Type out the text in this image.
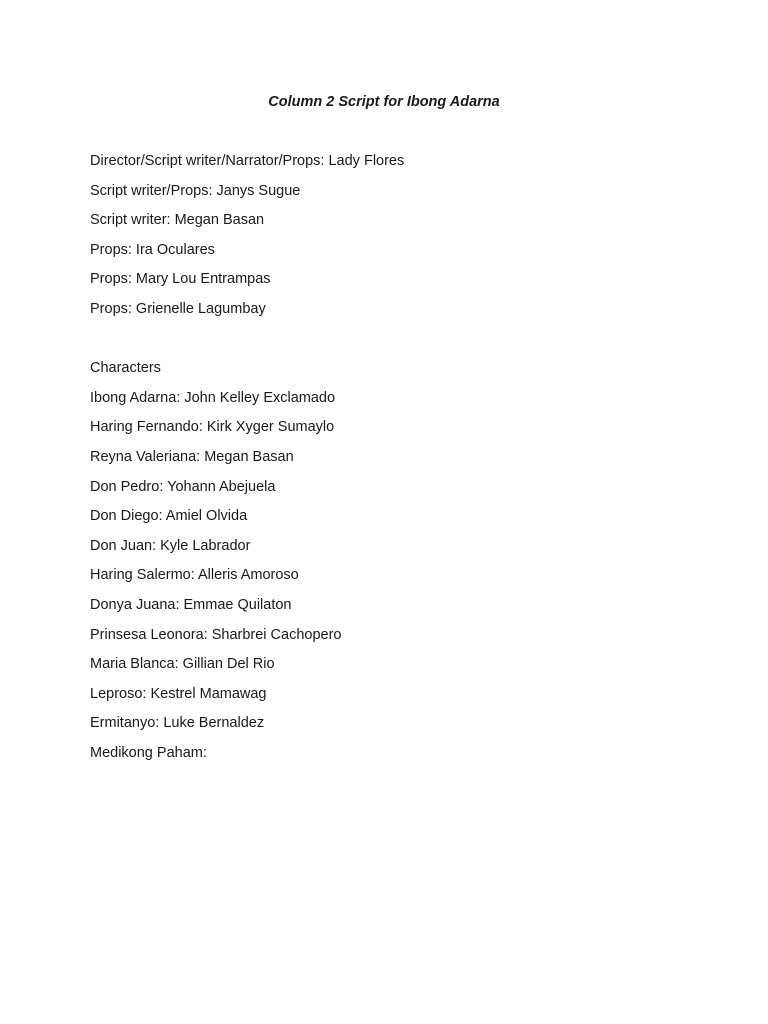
Column 2 Script for Ibong Adarna
Director/Script writer/Narrator/Props: Lady Flores
Script writer/Props: Janys Sugue
Script writer: Megan Basan
Props: Ira Oculares
Props: Mary Lou Entrampas
Props: Grienelle Lagumbay
Characters
Ibong Adarna: John Kelley Exclamado
Haring Fernando: Kirk Xyger Sumaylo
Reyna Valeriana: Megan Basan
Don Pedro: Yohann Abejuela
Don Diego: Amiel Olvida
Don Juan: Kyle Labrador
Haring Salermo: Alleris Amoroso
Donya Juana: Emmae Quilaton
Prinsesa Leonora: Sharbrei Cachopero
Maria Blanca: Gillian Del Rio
Leproso: Kestrel Mamawag
Ermitanyo: Luke Bernaldez
Medikong Paham:
